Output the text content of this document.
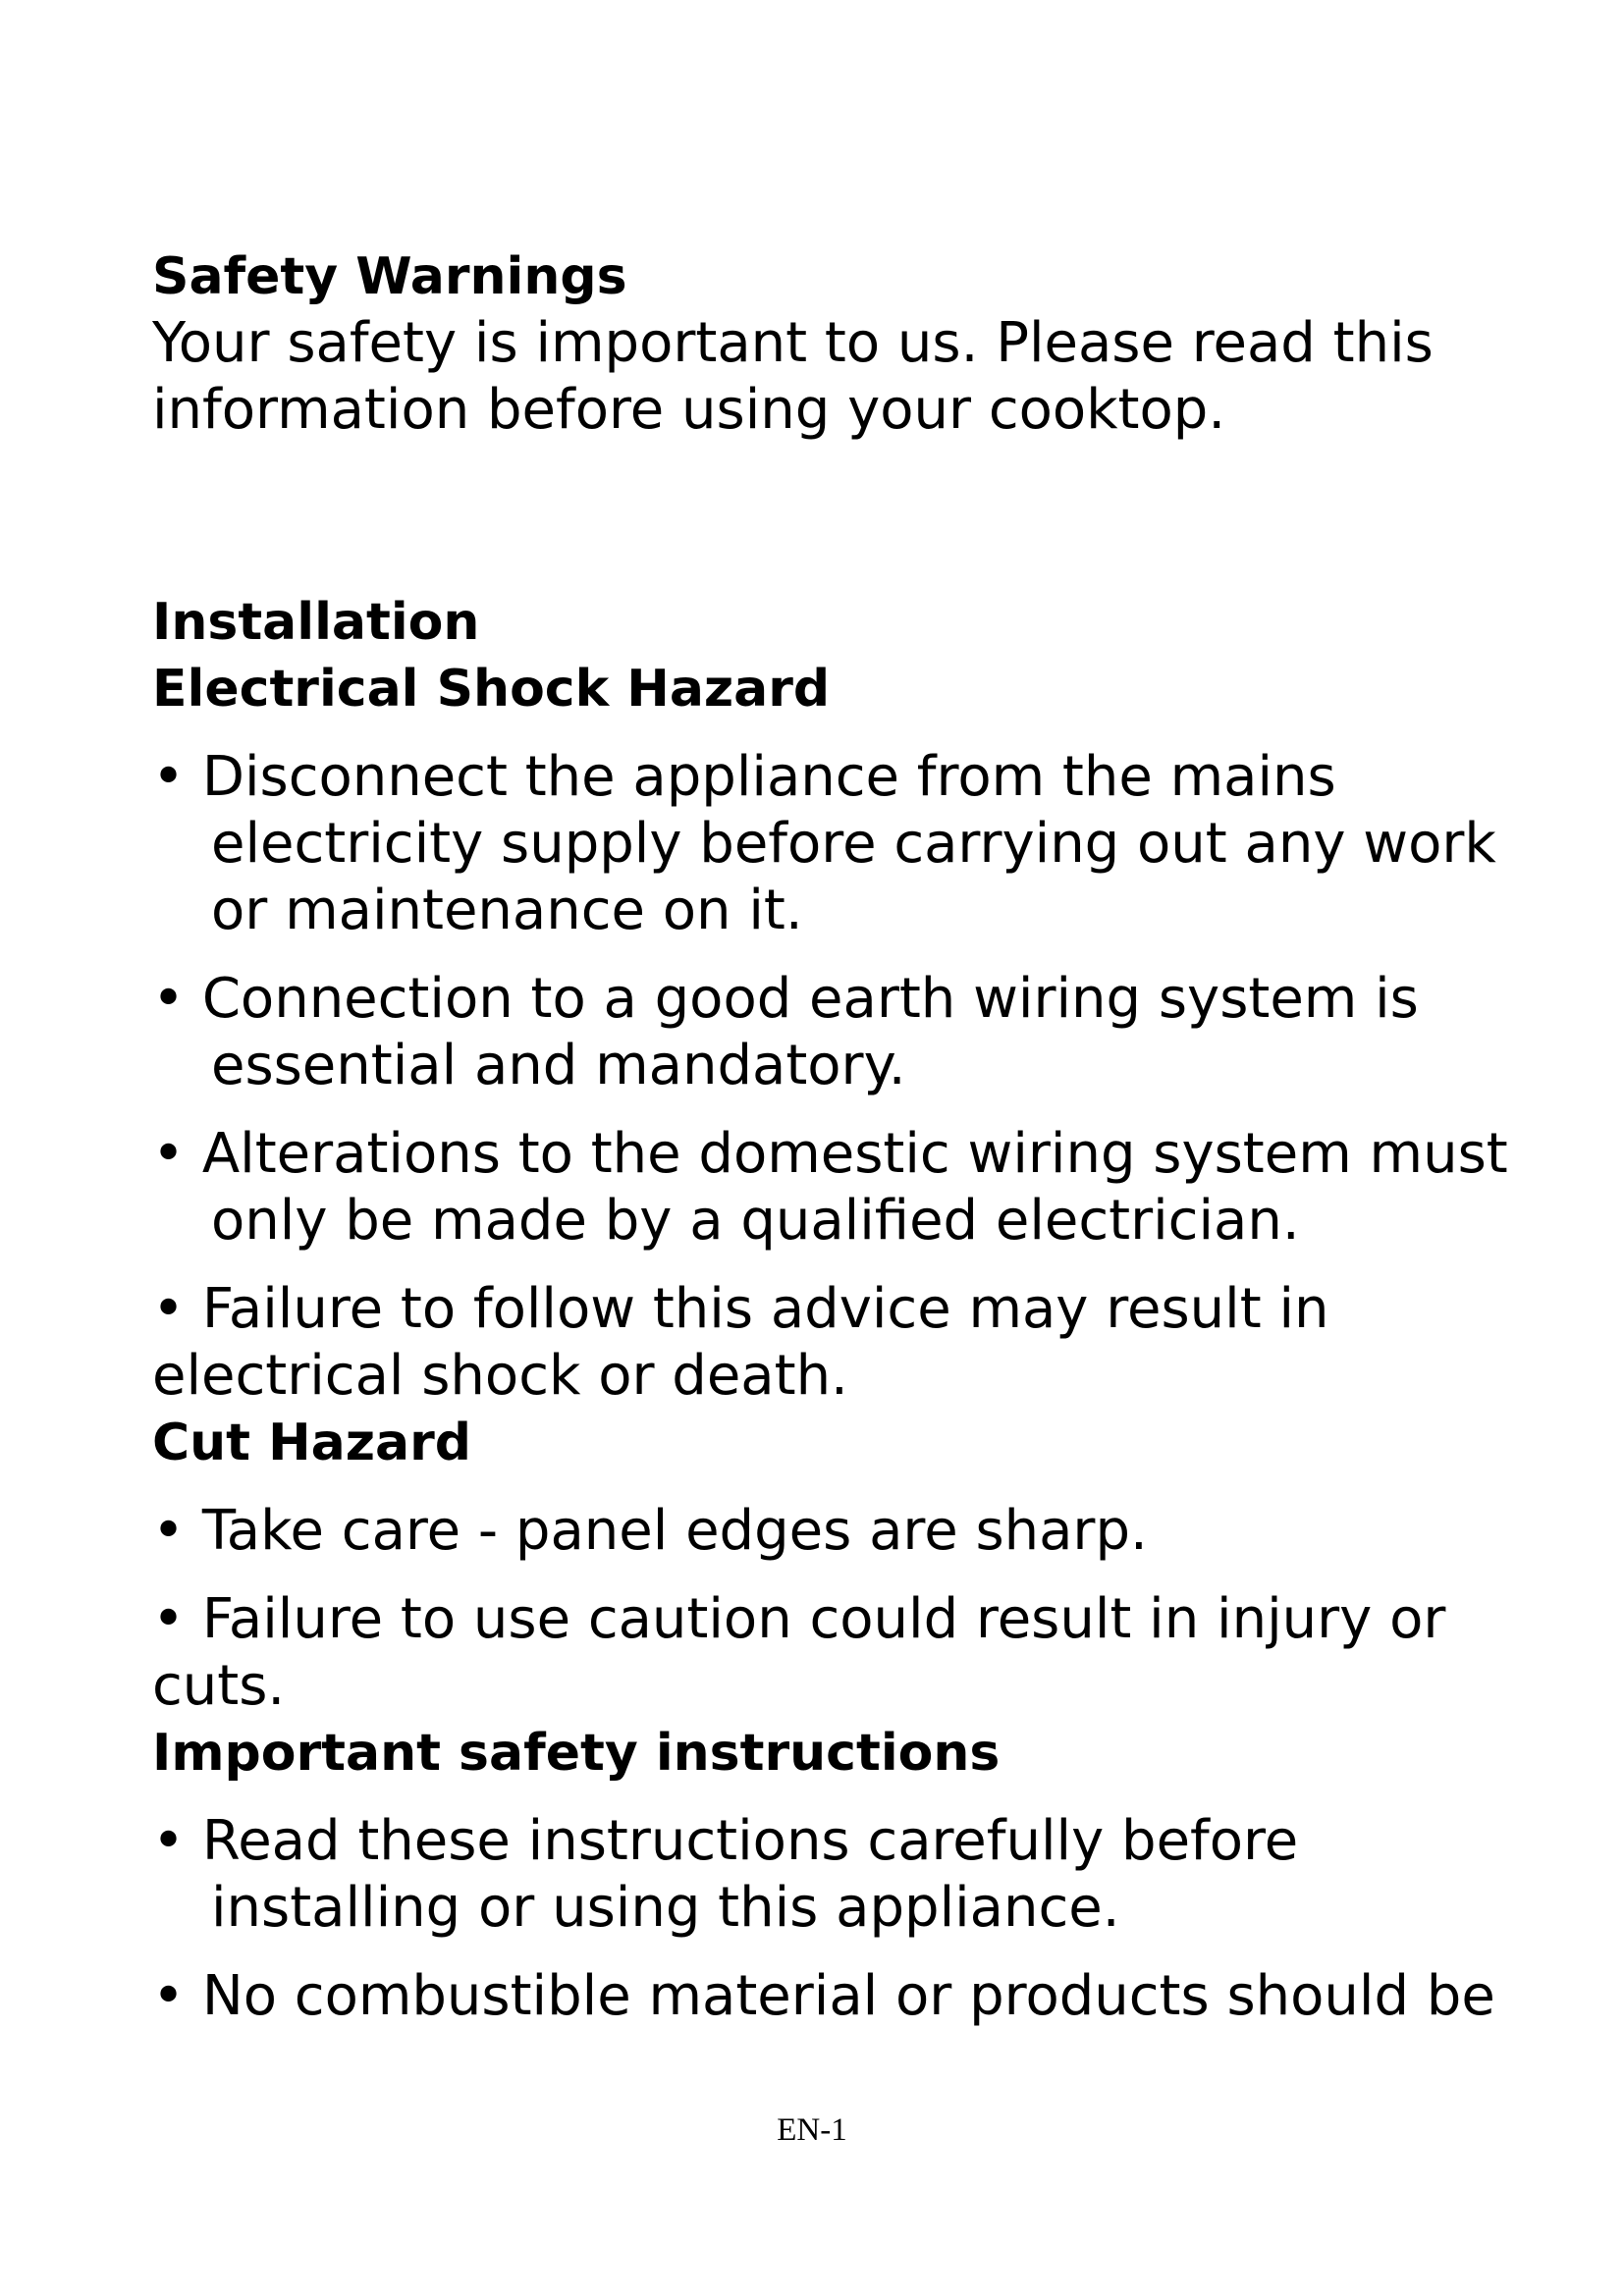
Safety Warnings

Your safety is important to us. Please read this
information before using your cooktop.

Installation
Electrical Shock Hazard
• Disconnect the appliance from the mains
electricity supply before carrying out any work
or maintenance on it.
• Connection to a good earth wiring system is
essential and mandatory.
• Alterations to the domestic wiring system must
only be made by a qualified electrician.
• Failure to follow this advice may result in
electrical shock or death.
Cut Hazard
• Take care - panel edges are sharp.
• Failure to use caution could result in injury or
cuts.
Important safety instructions
• Read these instructions carefully before
installing or using this appliance.
• No combustible material or products should be
EN-1
